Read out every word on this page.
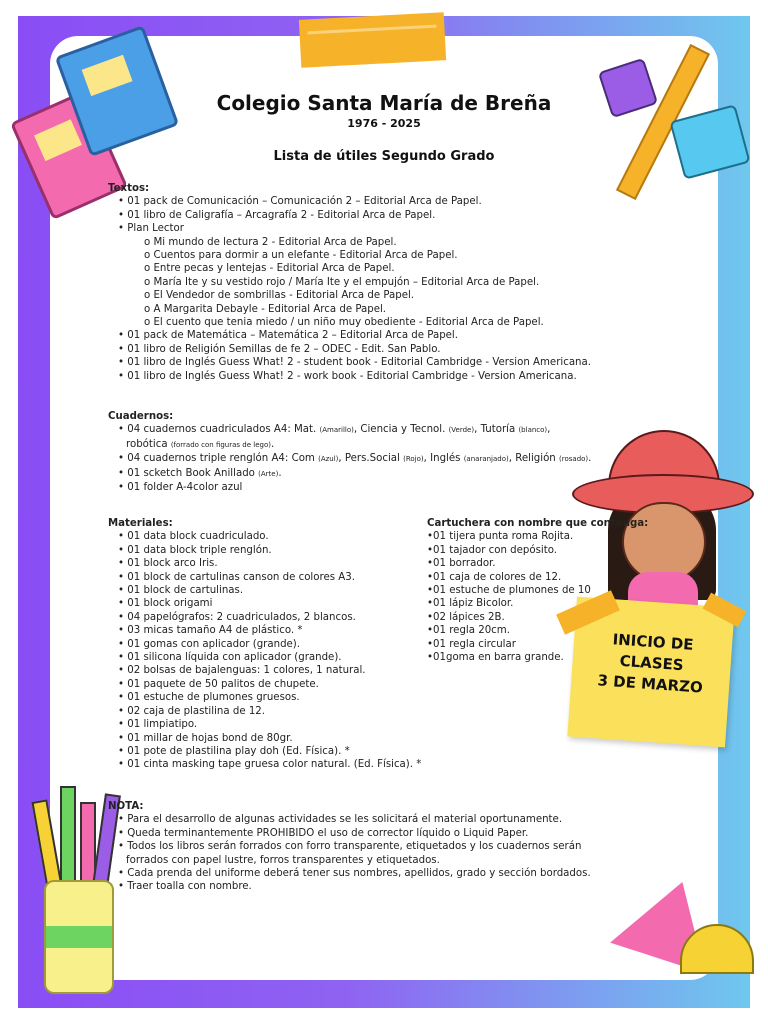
INICIO DE
CLASES
3 DE MARZO
Colegio Santa María de Breña
1976 - 2025
Lista de útiles Segundo Grado
Textos:
• 01 pack de Comunicación – Comunicación 2 – Editorial Arca de Papel.
• 01 libro de Caligrafía – Arcagrafía 2 - Editorial Arca de Papel.
• Plan Lector
o Mi mundo de lectura 2 - Editorial Arca de Papel.
o Cuentos para dormir a un elefante - Editorial Arca de Papel.
o Entre pecas y lentejas - Editorial Arca de Papel.
o María Ite y su vestido rojo / María Ite y el empujón – Editorial Arca de Papel.
o El Vendedor de sombrillas - Editorial Arca de Papel.
o A Margarita Debayle - Editorial Arca de Papel.
o El cuento que tenia miedo / un niño muy obediente - Editorial Arca de Papel.
• 01 pack de Matemática – Matemática 2 – Editorial Arca de Papel.
• 01 libro de Religión Semillas de fe 2 – ODEC - Edit. San Pablo.
• 01 libro de Inglés Guess What! 2 - student book - Editorial Cambridge - Version Americana.
• 01 libro de Inglés Guess What! 2 - work book - Editorial Cambridge - Version Americana.
Cuadernos:
• 04 cuadernos cuadriculados A4: Mat. (Amarillo), Ciencia y Tecnol. (Verde), Tutoría (blanco),
robótica (forrado con figuras de lego).
• 04 cuadernos triple renglón A4: Com (Azul), Pers.Social (Rojo), Inglés (anaranjado), Religión (rosado).
• 01 scketch Book Anillado (Arte).
• 01 folder A-4color azul
Materiales:
• 01 data block cuadriculado.
• 01 data block triple renglón.
• 01 block arco Iris.
• 01 block de cartulinas canson de colores A3.
• 01 block de cartulinas.
• 01 block origami
• 04 papelógrafos: 2 cuadriculados, 2 blancos.
• 03 micas tamaño A4 de plástico. *
• 01 gomas con aplicador (grande).
• 01 silicona líquida con aplicador (grande).
• 02 bolsas de bajalenguas: 1 colores, 1 natural.
• 01 paquete de 50 palitos de chupete.
• 01 estuche de plumones gruesos.
• 02 caja de plastilina de 12.
• 01 limpiatipo.
• 01 millar de hojas bond de 80gr.
• 01 pote de plastilina play doh (Ed. Física). *
• 01 cinta masking tape gruesa color natural. (Ed. Física). *
Cartuchera con nombre que contenga:
•01 tijera punta roma Rojita.
•01 tajador con depósito.
•01 borrador.
•01 caja de colores de 12.
•01 estuche de plumones de 10
•01 lápiz Bicolor.
•02 lápices 2B.
•01 regla 20cm.
•01 regla circular
•01goma en barra grande.
NOTA:
• Para el desarrollo de algunas actividades se les solicitará el material oportunamente.
• Queda terminantemente PROHIBIDO el uso de corrector líquido o Liquid Paper.
• Todos los libros serán forrados con forro transparente, etiquetados y los cuadernos serán
forrados con papel lustre, forros transparentes y etiquetados.
• Cada prenda del uniforme deberá tener sus nombres, apellidos, grado y sección bordados.
• Traer toalla con nombre.
